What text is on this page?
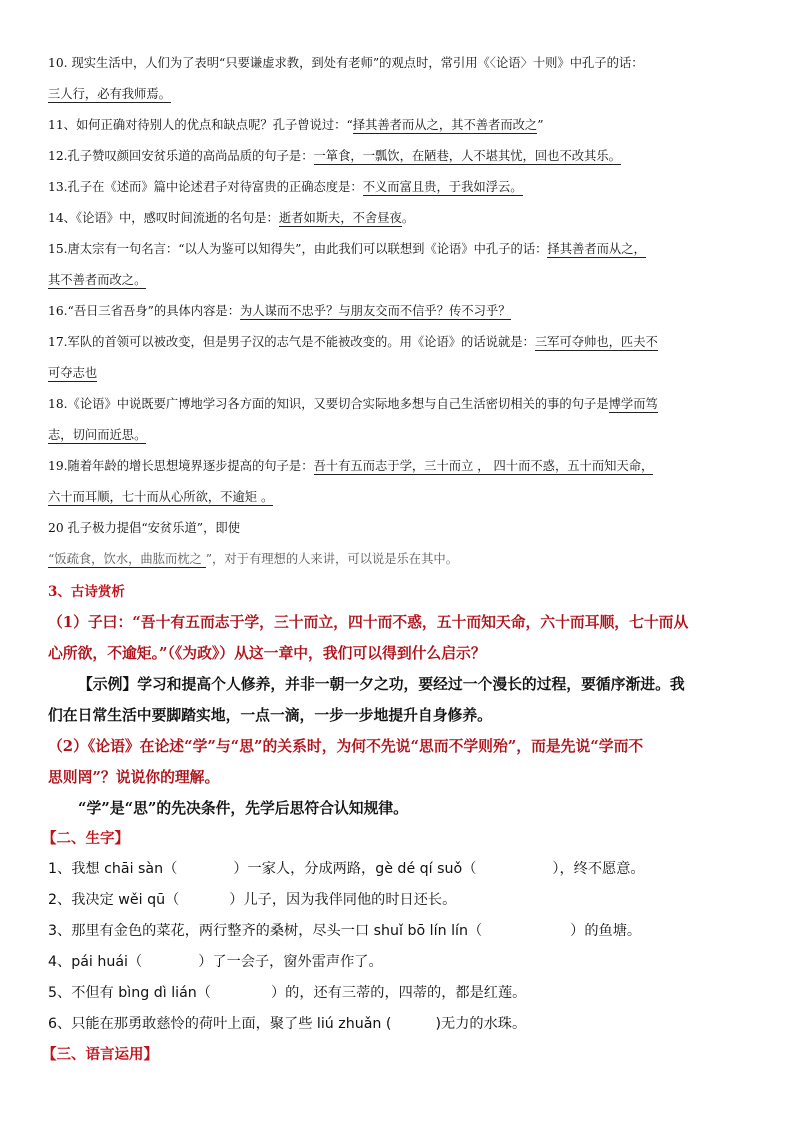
10. 现实生活中，人们为了表明“只要谦虚求教，到处有老师”的观点时，常引用《〈论语〉十则》中孔子的话：
三人行，必有我师焉。
11、如何正确对待别人的优点和缺点呢？孔子曾说过：“择其善者而从之，其不善者而改之”
12.孔子赞叹颜回安贫乐道的高尚品质的句子是：一箪食，一瓢饮，在陋巷，人不堪其忧，回也不改其乐。
13.孔子在《述而》篇中论述君子对待富贵的正确态度是：不义而富且贵，于我如浮云。
14、《论语》中，感叹时间流逝的名句是：逝者如斯夫，不舍昼夜。
15.唐太宗有一句名言：“以人为鉴可以知得失”，由此我们可以联想到《论语》中孔子的话：择其善者而从之，
其不善者而改之。
16.“吾日三省吾身”的具体内容是：为人谋而不忠乎？与朋友交而不信乎？传不习乎？
17.军队的首领可以被改变，但是男子汉的志气是不能被改变的。用《论语》的话说就是：三军可夺帅也，匹夫不
可夺志也
18.《论语》中说既要广博地学习各方面的知识，又要切合实际地多想与自己生活密切相关的事的句子是博学而笃
志，切问而近思。
19.随着年龄的增长思想境界逐步提高的句子是：吾十有五而志于学，三十而立 ， 四十而不惑，五十而知天命，
六十而耳顺，七十而从心所欲，不逾矩 。
20 孔子极力提倡“安贫乐道”，即使
“饭疏食，饮水，曲肱而枕之 ”，对于有理想的人来讲，可以说是乐在其中。
3、古诗赏析
（1）子曰：“吾十有五而志于学，三十而立，四十而不惑，五十而知天命，六十而耳顺，七十而从
心所欲，不逾矩。”（《为政》）从这一章中，我们可以得到什么启示？
【示例】学习和提高个人修养，并非一朝一夕之功，要经过一个漫长的过程，要循序渐进。我
们在日常生活中要脚踏实地，一点一滴，一步一步地提升自身修养。
（2）《论语》在论述“学”与“思”的关系时，为何不先说“思而不学则殆”，而是先说“学而不
思则罔”？说说你的理解。
“学”是“思”的先决条件，先学后思符合认知规律。
【二、生字】
1、我想 chāi sàn（	）一家人，分成两路，gè dé qí suǒ（	），终不愿意。
2、我决定 wěi qū（	）儿子，因为我伴同他的时日还长。
3、那里有金色的菜花，两行整齐的桑树，尽头一口 shuǐ bō lín lín（	）的鱼塘。
4、pái huái（	）了一会子，窗外雷声作了。
5、不但有 bìng dì lián（	）的，还有三蒂的，四蒂的，都是红莲。
6、只能在那勇敢慈怜的荷叶上面，聚了些 liú zhuǎn (	)无力的水珠。
【三、语言运用】
